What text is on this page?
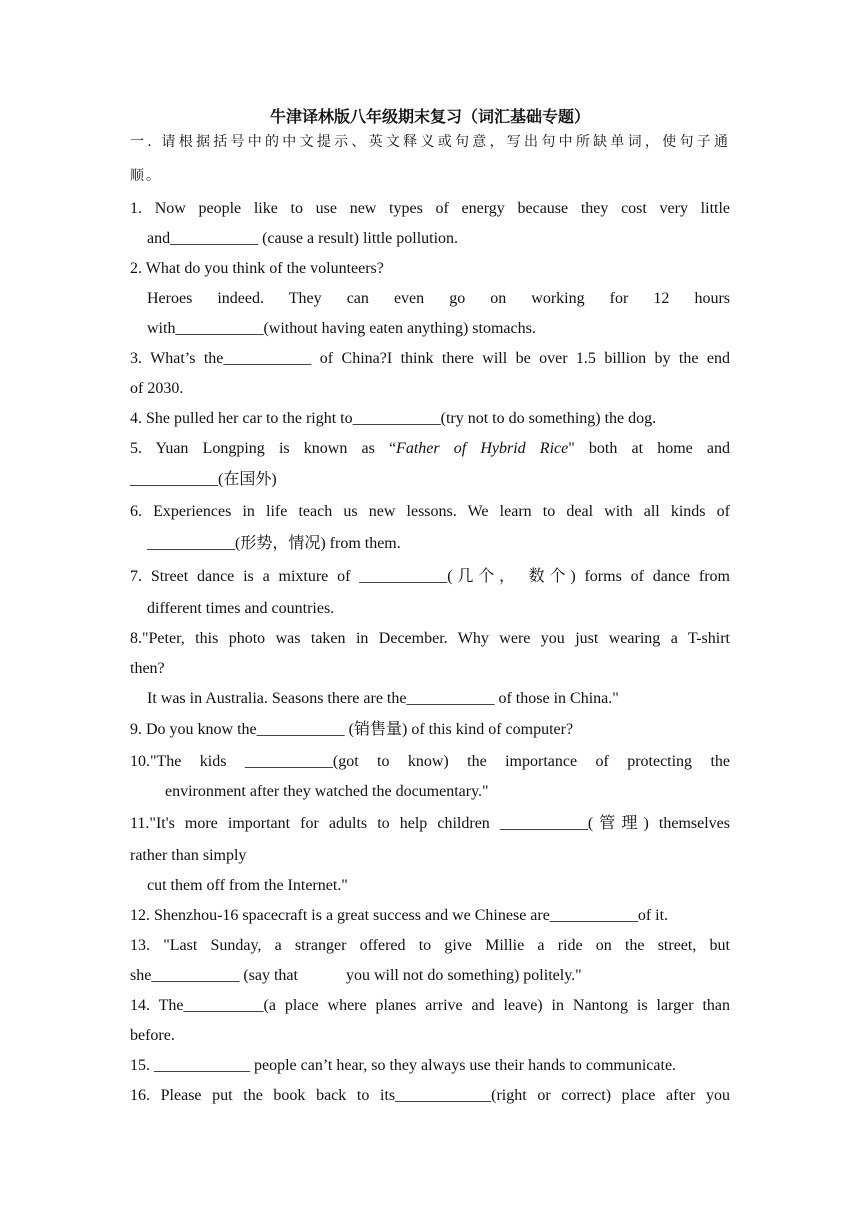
牛津译林版八年级期末复习（词汇基础专题）
一. 请根据括号中的中文提示、英文释义或句意，写出句中所缺单词，使句子通
顺。
1. Now people like to use new types of energy because they cost very little
and___________ (cause a result) little pollution.
2. What do you think of the volunteers?
Heroes indeed. They can even go on working for 12 hours
with___________(without having eaten anything) stomachs.
3. What’s the___________ of China?I think there will be over 1.5 billion by the end
of 2030.
4. She pulled her car to the right to___________(try not to do something) the dog.
5. Yuan Longping is known as “Father of Hybrid Rice" both at home and
___________(在国外)
6. Experiences in life teach us new lessons. We learn to deal with all kinds of
___________(形势，情况) from them.
7. Street dance is a mixture of ___________(几个， 数个) forms of dance from
different times and countries.
8."Peter, this photo was taken in December. Why were you just wearing a T-shirt
then?
It was in Australia. Seasons there are the___________ of those in China."
9. Do you know the___________ (销售量) of this kind of computer?
10."The kids ___________(got to know) the importance of protecting the
environment after they watched the documentary."
11."It's more important for adults to help children ___________(管理) themselves
rather than simply
cut them off from the Internet."
12. Shenzhou-16 spacecraft is a great success and we Chinese are___________of it.
13. "Last Sunday, a stranger offered to give Millie a ride on the street, but
she___________ (say that            you will not do something) politely."
14. The__________(a place where planes arrive and leave) in Nantong is larger than
before.
15. ____________ people can’t hear, so they always use their hands to communicate.
16. Please put the book back to its____________(right or correct) place after you
